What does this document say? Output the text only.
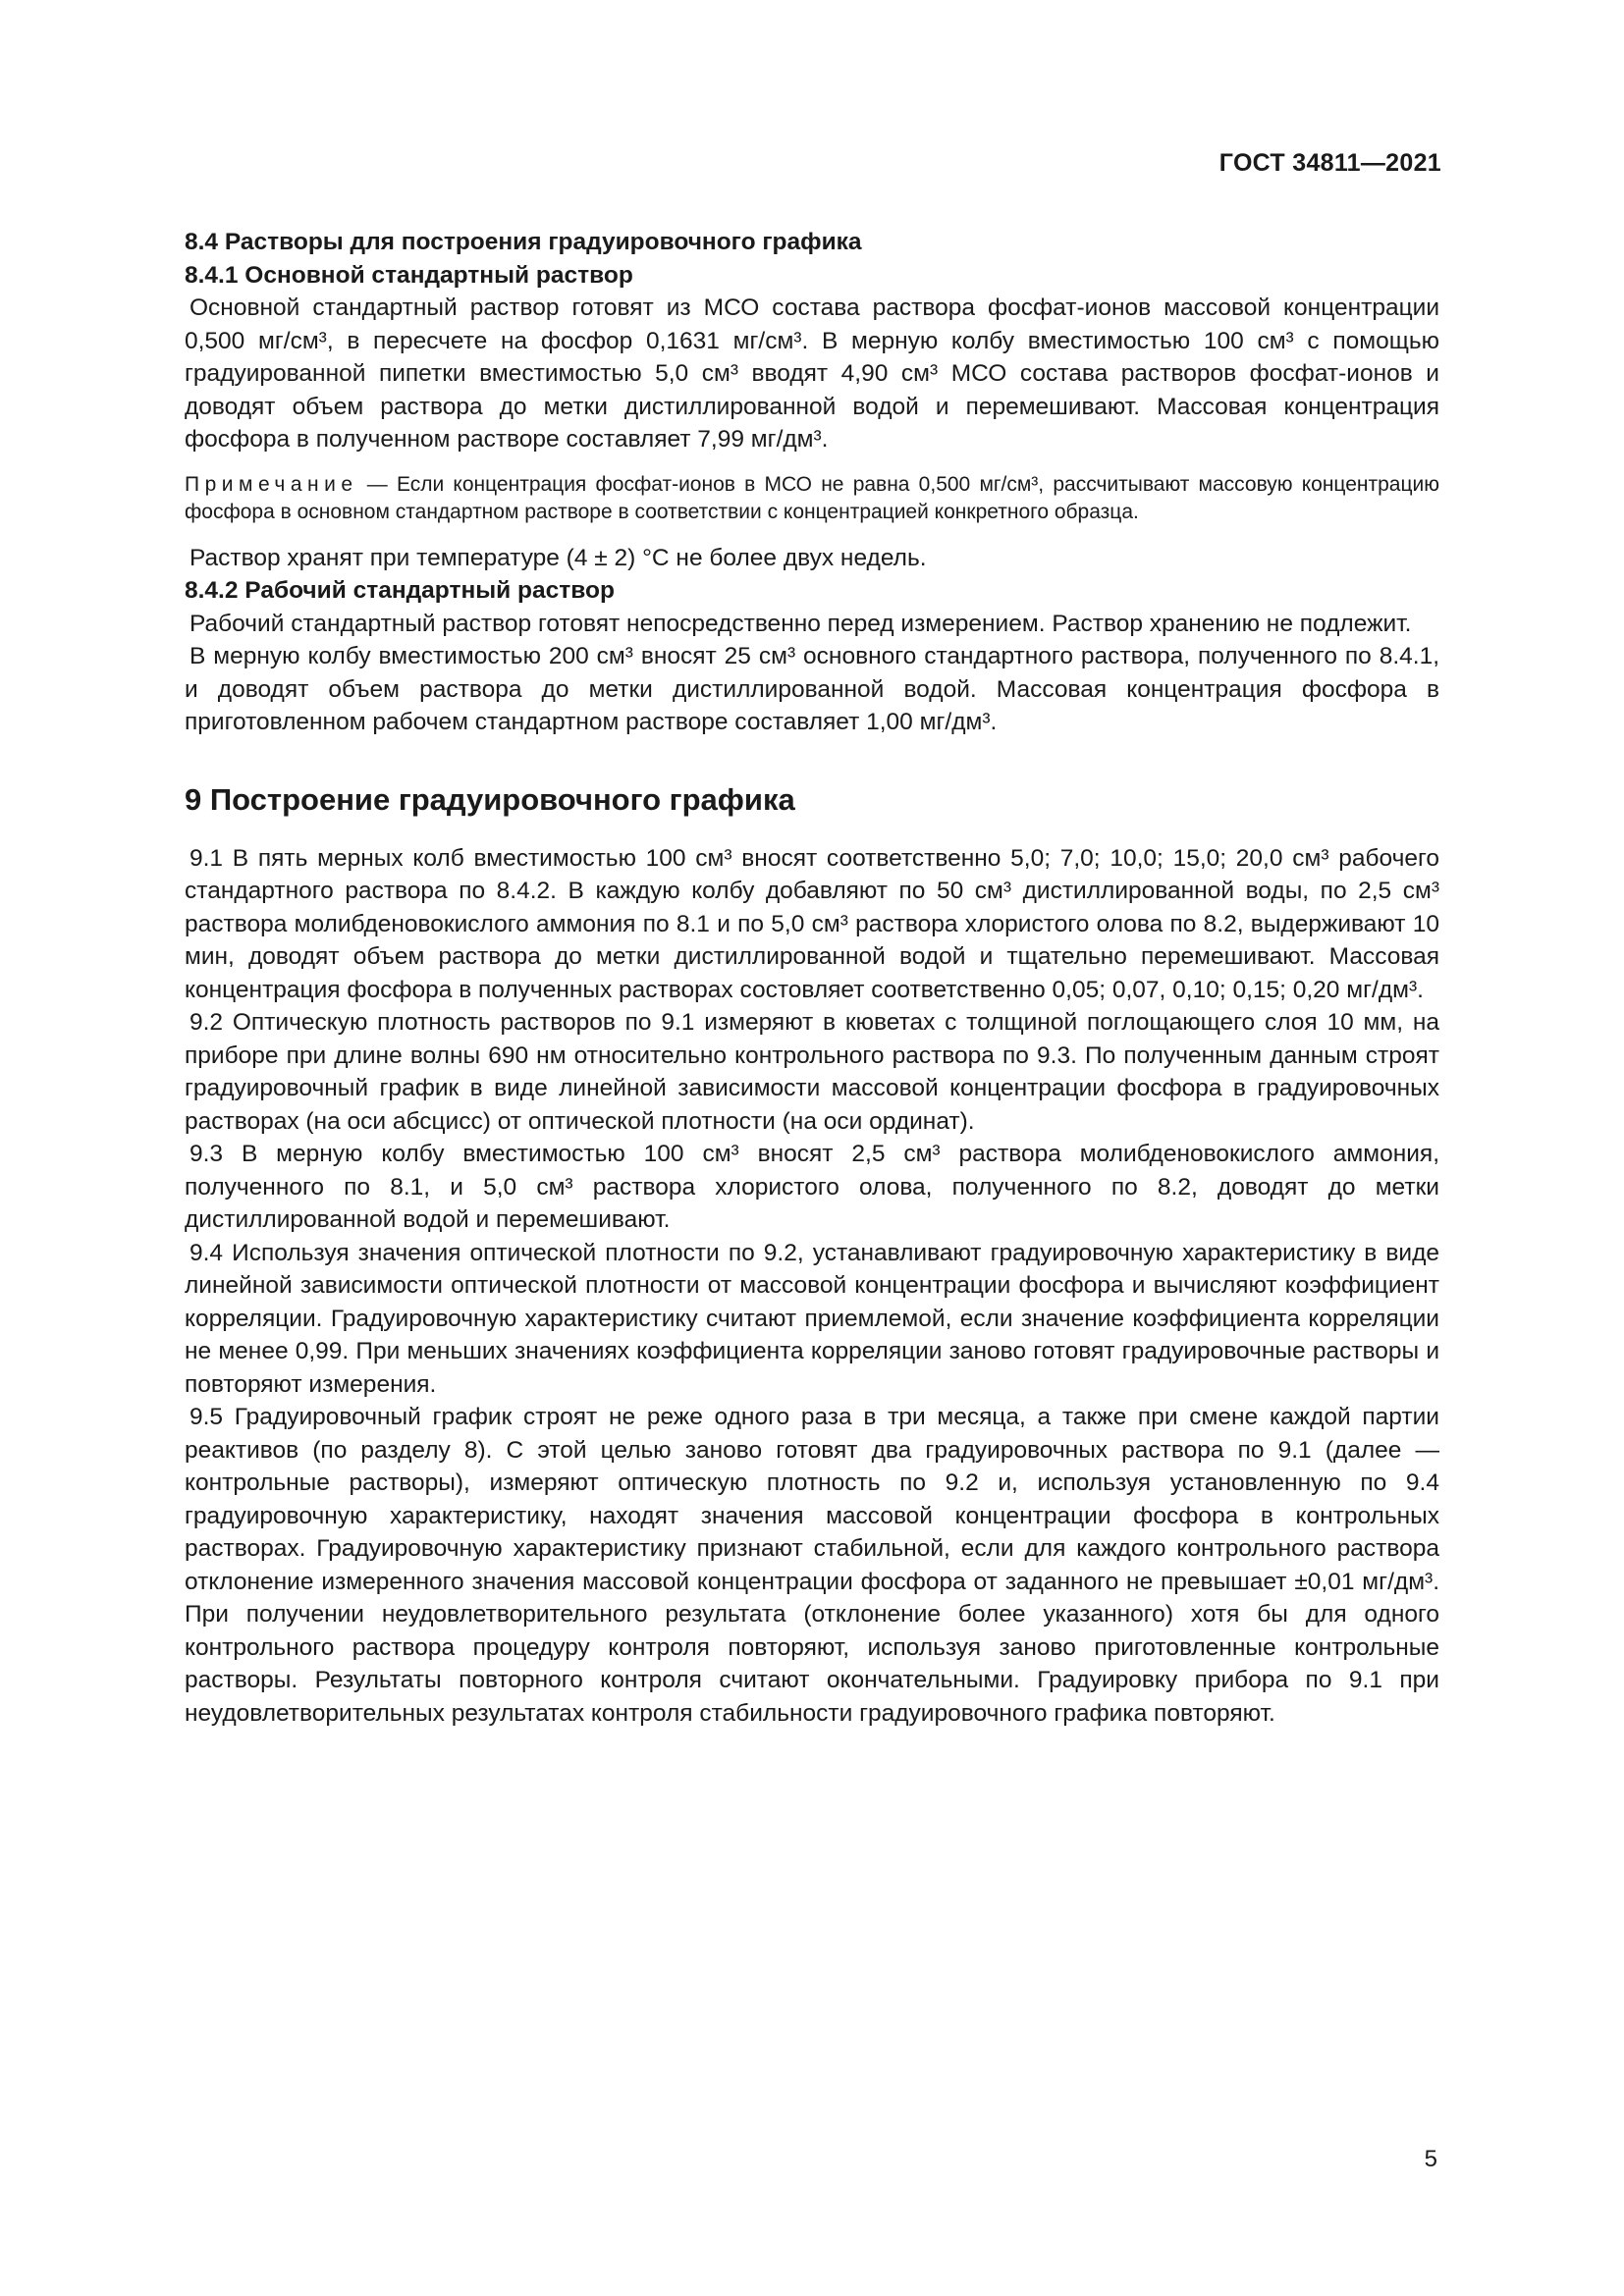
ГОСТ 34811—2021

8.4 Растворы для построения градуировочного графика

8.4.1 Основной стандартный раствор

Основной стандартный раствор готовят из МСО состава раствора фосфат-ионов массовой концентрации 0,500 мг/см³, в пересчете на фосфор 0,1631 мг/см³. В мерную колбу вместимостью 100 см³ с помощью градуированной пипетки вместимостью 5,0 см³ вводят 4,90 см³ МСО состава растворов фосфат-ионов и доводят объем раствора до метки дистиллированной водой и перемешивают. Массовая концентрация фосфора в полученном растворе составляет 7,99 мг/дм³.

Примечание — Если концентрация фосфат-ионов в МСО не равна 0,500 мг/см³, рассчитывают массовую концентрацию фосфора в основном стандартном растворе в соответствии с концентрацией конкретного образца.

Раствор хранят при температуре (4 ± 2) °С не более двух недель.

8.4.2 Рабочий стандартный раствор

Рабочий стандартный раствор готовят непосредственно перед измерением. Раствор хранению не подлежит.

В мерную колбу вместимостью 200 см³ вносят 25 см³ основного стандартного раствора, полученного по 8.4.1, и доводят объем раствора до метки дистиллированной водой. Массовая концентрация фосфора в приготовленном рабочем стандартном растворе составляет 1,00 мг/дм³.

9 Построение градуировочного графика

9.1 В пять мерных колб вместимостью 100 см³ вносят соответственно 5,0; 7,0; 10,0; 15,0; 20,0 см³ рабочего стандартного раствора по 8.4.2. В каждую колбу добавляют по 50 см³ дистиллированной воды, по 2,5 см³ раствора молибденовокислого аммония по 8.1 и по 5,0 см³ раствора хлористого олова по 8.2, выдерживают 10 мин, доводят объем раствора до метки дистиллированной водой и тщательно перемешивают. Массовая концентрация фосфора в полученных растворах состовляет соответственно 0,05; 0,07, 0,10; 0,15; 0,20 мг/дм³.

9.2 Оптическую плотность растворов по 9.1 измеряют в кюветах с толщиной поглощающего слоя 10 мм, на приборе при длине волны 690 нм относительно контрольного раствора по 9.3. По полученным данным строят градуировочный график в виде линейной зависимости массовой концентрации фосфора в градуировочных растворах (на оси абсцисс) от оптической плотности (на оси ординат).

9.3 В мерную колбу вместимостью 100 см³ вносят 2,5 см³ раствора молибденовокислого аммония, полученного по 8.1, и 5,0 см³ раствора хлористого олова, полученного по 8.2, доводят до метки дистиллированной водой и перемешивают.

9.4 Используя значения оптической плотности по 9.2, устанавливают градуировочную характеристику в виде линейной зависимости оптической плотности от массовой концентрации фосфора и вычисляют коэффициент корреляции. Градуировочную характеристику считают приемлемой, если значение коэффициента корреляции не менее 0,99. При меньших значениях коэффициента корреляции заново готовят градуировочные растворы и повторяют измерения.

9.5 Градуировочный график строят не реже одного раза в три месяца, а также при смене каждой партии реактивов (по разделу 8). С этой целью заново готовят два градуировочных раствора по 9.1 (далее — контрольные растворы), измеряют оптическую плотность по 9.2 и, используя установленную по 9.4 градуировочную характеристику, находят значения массовой концентрации фосфора в контрольных растворах. Градуировочную характеристику признают стабильной, если для каждого контрольного раствора отклонение измеренного значения массовой концентрации фосфора от заданного не превышает ±0,01 мг/дм³. При получении неудовлетворительного результата (отклонение более указанного) хотя бы для одного контрольного раствора процедуру контроля повторяют, используя заново приготовленные контрольные растворы. Результаты повторного контроля считают окончательными. Градуировку прибора по 9.1 при неудовлетворительных результатах контроля стабильности градуировочного графика повторяют.

5
